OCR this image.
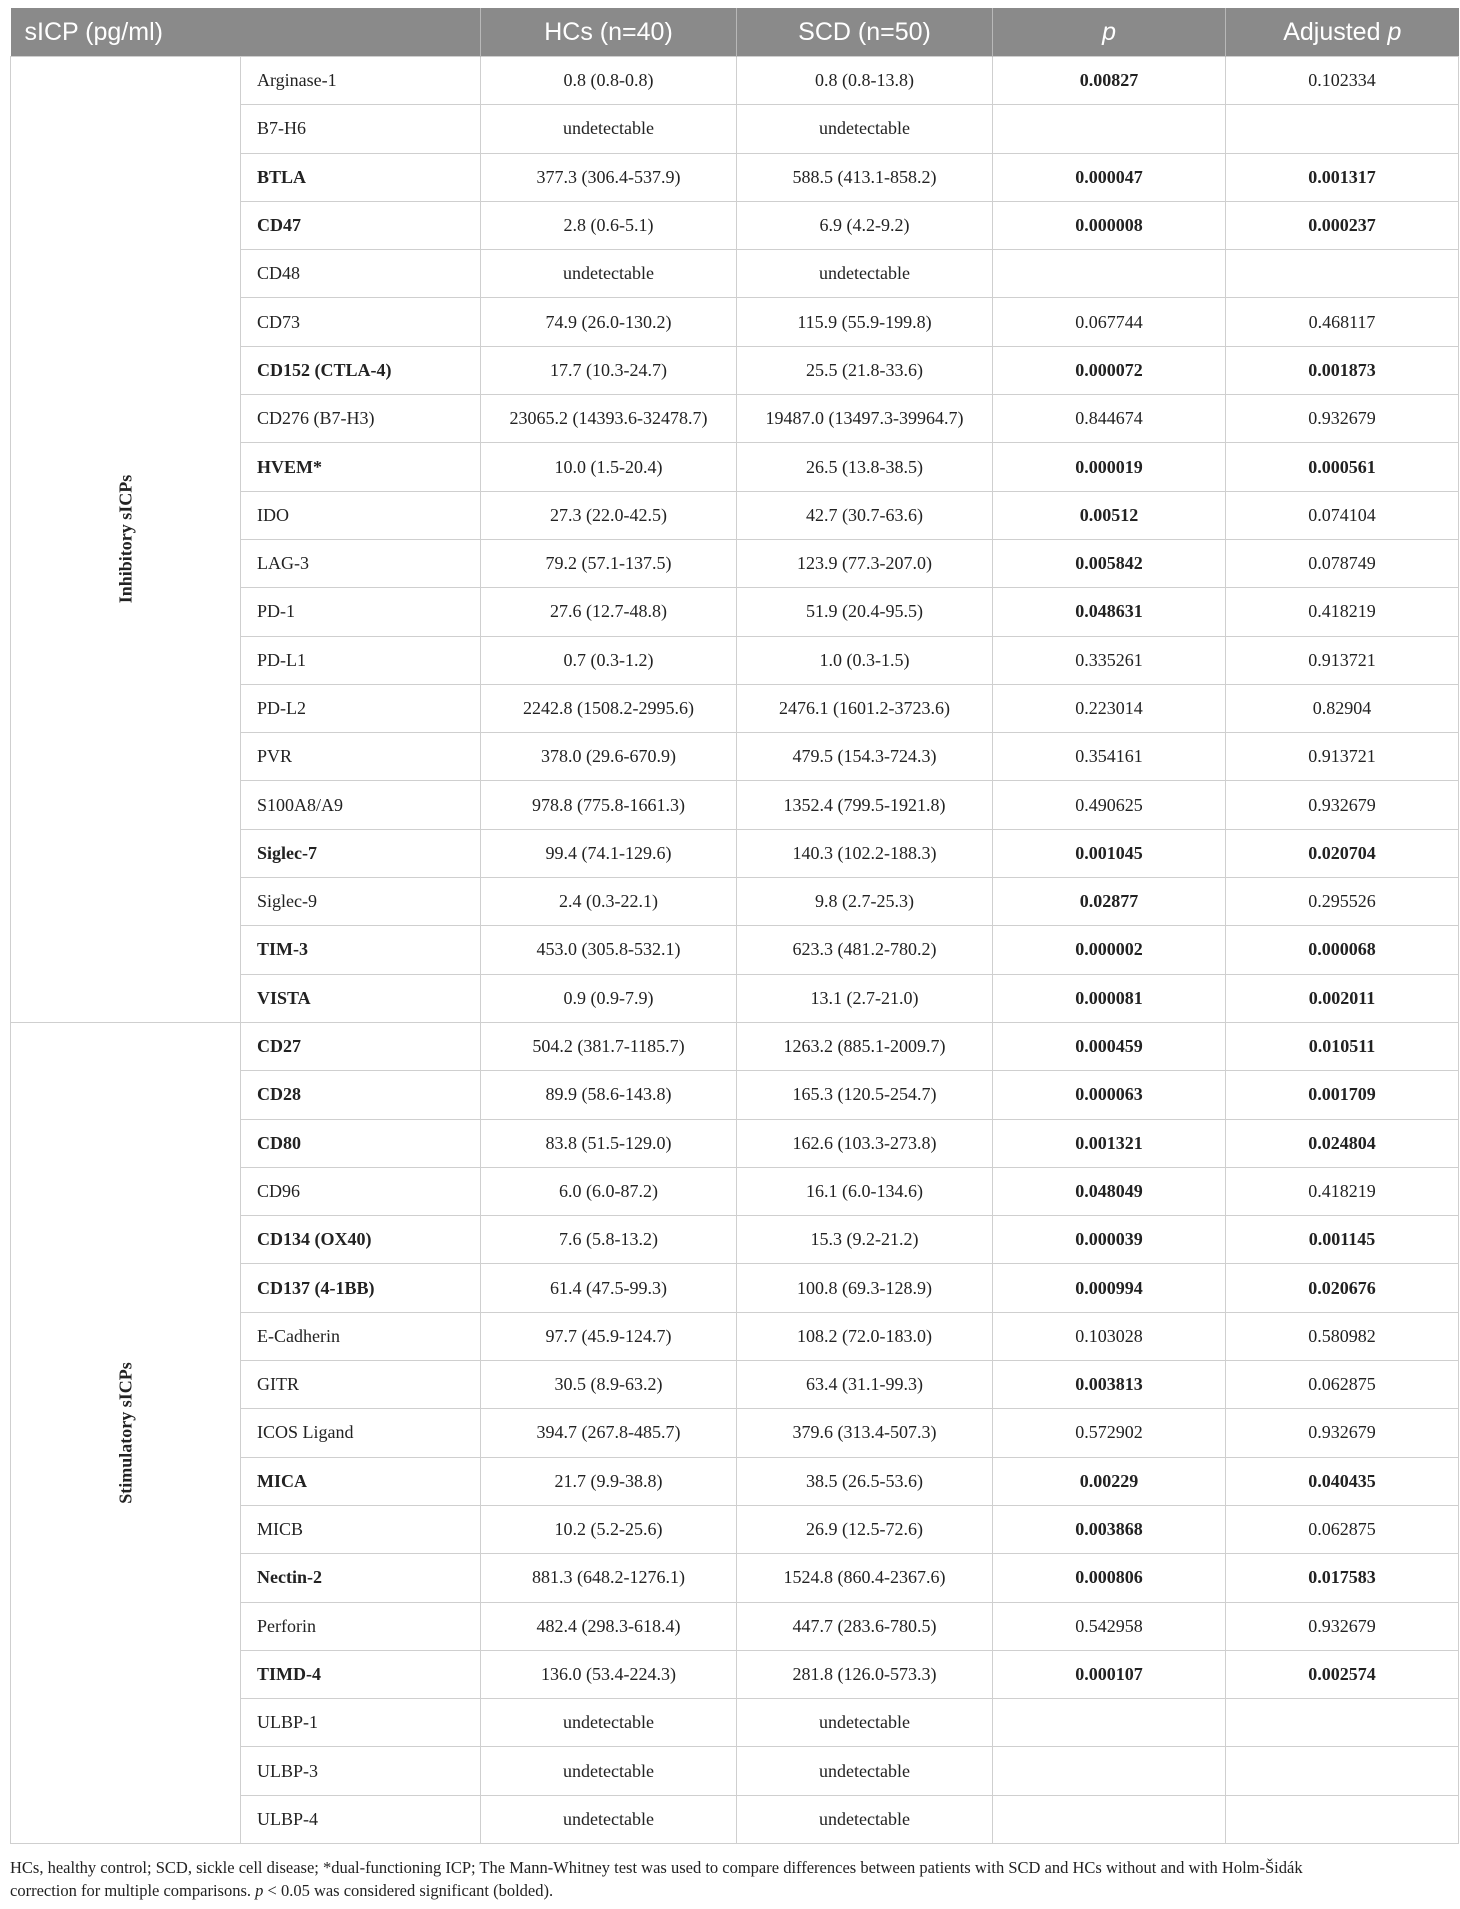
sICP (pg/ml)		HCs (n=40)	SCD (n=50)	p	Adjusted p

Inhibitory sICPs	Arginase-1	0.8 (0.8-0.8)	0.8 (0.8-13.8)	0.00827	0.102334
	B7-H6	undetectable	undetectable		
	BTLA	377.3 (306.4-537.9)	588.5 (413.1-858.2)	0.000047	0.001317
	CD47	2.8 (0.6-5.1)	6.9 (4.2-9.2)	0.000008	0.000237
	CD48	undetectable	undetectable		
	CD73	74.9 (26.0-130.2)	115.9 (55.9-199.8)	0.067744	0.468117
	CD152 (CTLA-4)	17.7 (10.3-24.7)	25.5 (21.8-33.6)	0.000072	0.001873
	CD276 (B7-H3)	23065.2 (14393.6-32478.7)	19487.0 (13497.3-39964.7)	0.844674	0.932679
	HVEM*	10.0 (1.5-20.4)	26.5 (13.8-38.5)	0.000019	0.000561
	IDO	27.3 (22.0-42.5)	42.7 (30.7-63.6)	0.00512	0.074104
	LAG-3	79.2 (57.1-137.5)	123.9 (77.3-207.0)	0.005842	0.078749
	PD-1	27.6 (12.7-48.8)	51.9 (20.4-95.5)	0.048631	0.418219
	PD-L1	0.7 (0.3-1.2)	1.0 (0.3-1.5)	0.335261	0.913721
	PD-L2	2242.8 (1508.2-2995.6)	2476.1 (1601.2-3723.6)	0.223014	0.82904
	PVR	378.0 (29.6-670.9)	479.5 (154.3-724.3)	0.354161	0.913721
	S100A8/A9	978.8 (775.8-1661.3)	1352.4 (799.5-1921.8)	0.490625	0.932679
	Siglec-7	99.4 (74.1-129.6)	140.3 (102.2-188.3)	0.001045	0.020704
	Siglec-9	2.4 (0.3-22.1)	9.8 (2.7-25.3)	0.02877	0.295526
	TIM-3	453.0 (305.8-532.1)	623.3 (481.2-780.2)	0.000002	0.000068
	VISTA	0.9 (0.9-7.9)	13.1 (2.7-21.0)	0.000081	0.002011

Stimulatory sICPs	CD27	504.2 (381.7-1185.7)	1263.2 (885.1-2009.7)	0.000459	0.010511
	CD28	89.9 (58.6-143.8)	165.3 (120.5-254.7)	0.000063	0.001709
	CD80	83.8 (51.5-129.0)	162.6 (103.3-273.8)	0.001321	0.024804
	CD96	6.0 (6.0-87.2)	16.1 (6.0-134.6)	0.048049	0.418219
	CD134 (OX40)	7.6 (5.8-13.2)	15.3 (9.2-21.2)	0.000039	0.001145
	CD137 (4-1BB)	61.4 (47.5-99.3)	100.8 (69.3-128.9)	0.000994	0.020676
	E-Cadherin	97.7 (45.9-124.7)	108.2 (72.0-183.0)	0.103028	0.580982
	GITR	30.5 (8.9-63.2)	63.4 (31.1-99.3)	0.003813	0.062875
	ICOS Ligand	394.7 (267.8-485.7)	379.6 (313.4-507.3)	0.572902	0.932679
	MICA	21.7 (9.9-38.8)	38.5 (26.5-53.6)	0.00229	0.040435
	MICB	10.2 (5.2-25.6)	26.9 (12.5-72.6)	0.003868	0.062875
	Nectin-2	881.3 (648.2-1276.1)	1524.8 (860.4-2367.6)	0.000806	0.017583
	Perforin	482.4 (298.3-618.4)	447.7 (283.6-780.5)	0.542958	0.932679
	TIMD-4	136.0 (53.4-224.3)	281.8 (126.0-573.3)	0.000107	0.002574
	ULBP-1	undetectable	undetectable		
	ULBP-3	undetectable	undetectable		
	ULBP-4	undetectable	undetectable		
HCs, healthy control; SCD, sickle cell disease; *dual-functioning ICP; The Mann-Whitney test was used to compare differences between patients with SCD and HCs without and with Holm-Šidák
correction for multiple comparisons. p < 0.05 was considered significant (bolded).
